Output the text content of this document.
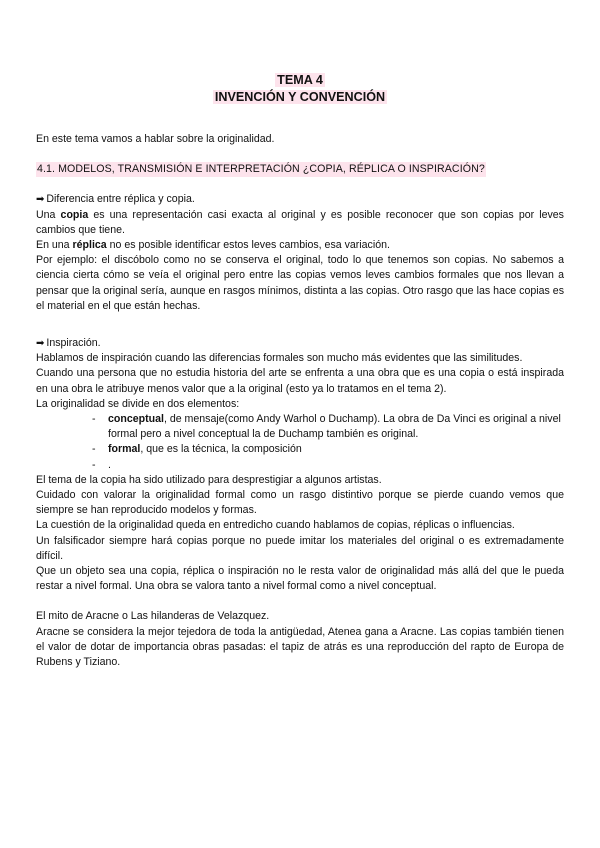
TEMA 4
INVENCIÓN Y CONVENCIÓN

En este tema vamos a hablar sobre la originalidad.

4.1. MODELOS, TRANSMISIÓN E INTERPRETACIÓN ¿COPIA, RÉPLICA O INSPIRACIÓN?

➡ Diferencia entre réplica y copia.

Una copia es una representación casi exacta al original y es posible reconocer que son copias por leves cambios que tiene.

En una réplica no es posible identificar estos leves cambios, esa variación.

Por ejemplo: el discóbolo como no se conserva el original, todo lo que tenemos son copias. No sabemos a ciencia cierta cómo se veía el original pero entre las copias vemos leves cambios formales que nos llevan a pensar que la original sería, aunque en rasgos mínimos, distinta a las copias. Otro rasgo que las hace copias es el material en el que están hechas.

➡ Inspiración.

Hablamos de inspiración cuando las diferencias formales son mucho más evidentes que las similitudes.

Cuando una persona que no estudia historia del arte se enfrenta a una obra que es una copia o está inspirada en una obra le atribuye menos valor que a la original (esto ya lo tratamos en el tema 2).

La originalidad se divide en dos elementos:

- conceptual, de mensaje(como Andy Warhol o Duchamp). La obra de Da Vinci es original a nivel formal pero a nivel conceptual la de Duchamp también es original.
- formal, que es la técnica, la composición
- .

El tema de la copia ha sido utilizado para desprestigiar a algunos artistas.

Cuidado con valorar la originalidad formal como un rasgo distintivo porque se pierde cuando vemos que siempre se han reproducido modelos y formas.

La cuestión de la originalidad queda en entredicho cuando hablamos de copias, réplicas o influencias.

Un falsificador siempre hará copias porque no puede imitar los materiales del original o es extremadamente difícil.

Que un objeto sea una copia, réplica o inspiración no le resta valor de originalidad más allá del que le pueda restar a nivel formal. Una obra se valora tanto a nivel formal como a nivel conceptual.

El mito de Aracne o Las hilanderas de Velazquez.

Aracne se considera la mejor tejedora de toda la antigüedad, Atenea gana a Aracne. Las copias también tienen el valor de dotar de importancia obras pasadas: el tapiz de atrás es una reproducción del rapto de Europa de Rubens y Tiziano.
